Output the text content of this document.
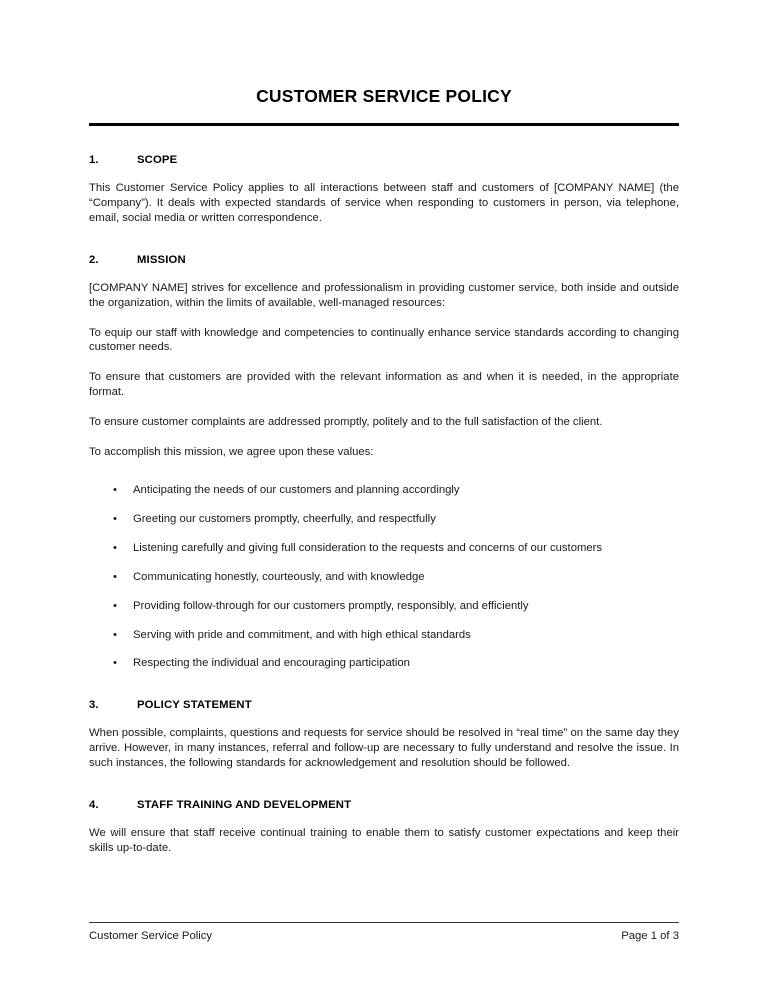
CUSTOMER SERVICE POLICY
1.	SCOPE

This Customer Service Policy applies to all interactions between staff and customers of [COMPANY NAME] (the “Company”). It deals with expected standards of service when responding to customers in person, via telephone, email, social media or written correspondence.

2.	MISSION

[COMPANY NAME] strives for excellence and professionalism in providing customer service, both inside and outside the organization, within the limits of available, well-managed resources:

To equip our staff with knowledge and competencies to continually enhance service standards according to changing customer needs.

To ensure that customers are provided with the relevant information as and when it is needed, in the appropriate format.

To ensure customer complaints are addressed promptly, politely and to the full satisfaction of the client.

To accomplish this mission, we agree upon these values:

• Anticipating the needs of our customers and planning accordingly
• Greeting our customers promptly, cheerfully, and respectfully
• Listening carefully and giving full consideration to the requests and concerns of our customers
• Communicating honestly, courteously, and with knowledge
• Providing follow-through for our customers promptly, responsibly, and efficiently
• Serving with pride and commitment, and with high ethical standards
• Respecting the individual and encouraging participation
3.	POLICY STATEMENT

When possible, complaints, questions and requests for service should be resolved in “real time” on the same day they arrive. However, in many instances, referral and follow-up are necessary to fully understand and resolve the issue. In such instances, the following standards for acknowledgement and resolution should be followed.

4.	STAFF TRAINING AND DEVELOPMENT

We will ensure that staff receive continual training to enable them to satisfy customer expectations and keep their skills up-to-date.

Customer Service Policy	Page 1 of 3
